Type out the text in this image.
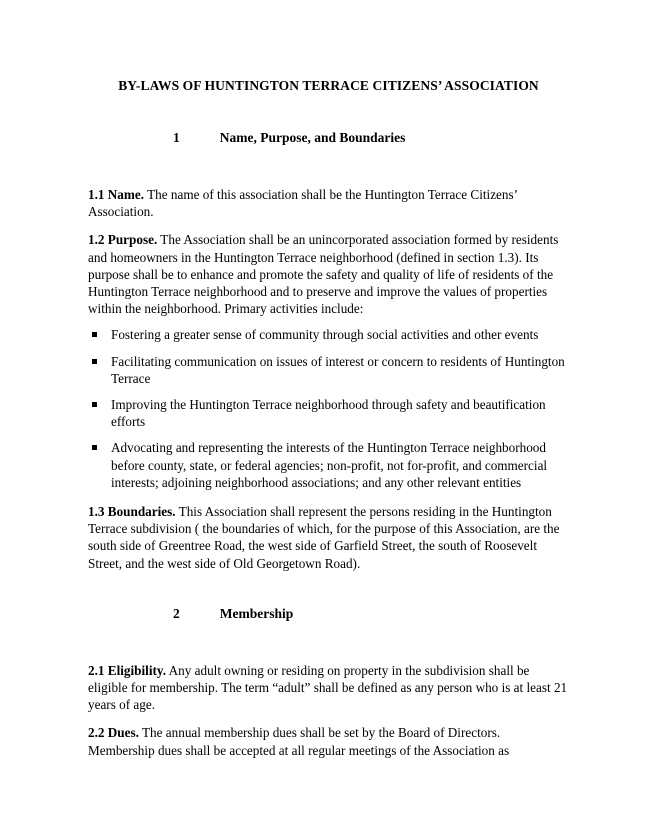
BY-LAWS OF HUNTINGTON TERRACE CITIZENS’ ASSOCIATION
1	Name, Purpose, and Boundaries

1.1 Name. The name of this association shall be the Huntington Terrace Citizens’ Association.

1.2 Purpose. The Association shall be an unincorporated association formed by residents and homeowners in the Huntington Terrace neighborhood (defined in section 1.3). Its purpose shall be to enhance and promote the safety and quality of life of residents of the Huntington Terrace neighborhood and to preserve and improve the values of properties within the neighborhood. Primary activities include:

Fostering a greater sense of community through social activities and other events
Facilitating communication on issues of interest or concern to residents of Huntington Terrace
Improving the Huntington Terrace neighborhood through safety and beautification efforts
Advocating and representing the interests of the Huntington Terrace neighborhood before county, state, or federal agencies; non-profit, not for-profit, and commercial interests; adjoining neighborhood associations; and any other relevant entities

1.3 Boundaries. This Association shall represent the persons residing in the Huntington Terrace subdivision ( the boundaries of which, for the purpose of this Association, are the south side of Greentree Road, the west side of Garfield Street, the south of Roosevelt Street, and the west side of Old Georgetown Road).

2	Membership

2.1 Eligibility. Any adult owning or residing on property in the subdivision shall be eligible for membership. The term “adult” shall be defined as any person who is at least 21 years of age.

2.2 Dues. The annual membership dues shall be set by the Board of Directors. Membership dues shall be accepted at all regular meetings of the Association as
